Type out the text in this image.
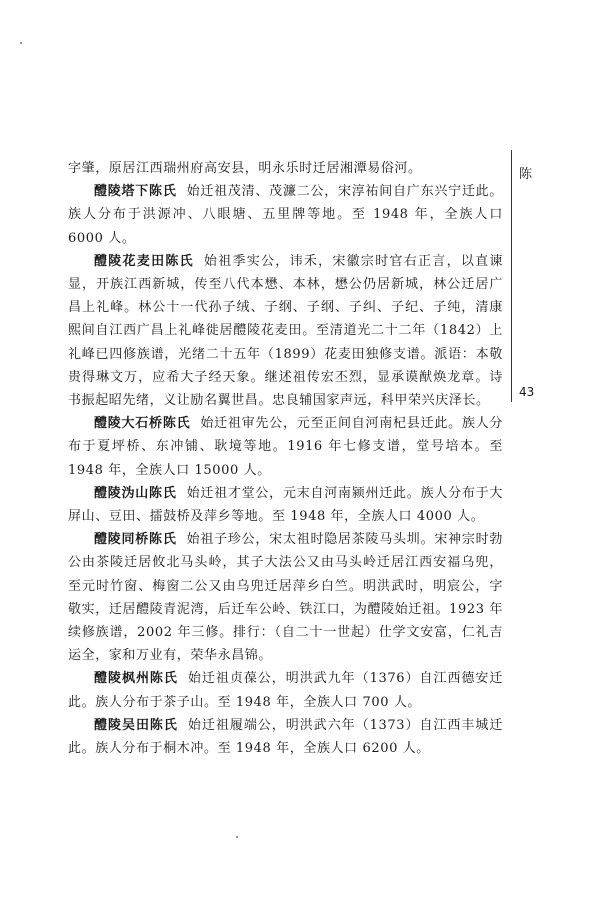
字肇，原居江西瑞州府高安县，明永乐时迁居湘潭易俗河。

醴陵塔下陈氏 始迁祖茂清、茂濂二公，宋淳祐间自广东兴宁迁此。族人分布于洪源冲、八眼塘、五里牌等地。至 1948 年，全族人口 6000 人。

醴陵花麦田陈氏 始祖季实公，讳禾，宋徽宗时官右正言，以直谏显，开族江西新城，传至八代本懋、本林，懋公仍居新城，林公迁居广昌上礼峰。林公十一代孙子绒、子纲、子纲、子纠、子纪、子纯，清康熙间自江西广昌上礼峰徙居醴陵花麦田。至清道光二十二年（1842）上礼峰已四修族谱，光绪二十五年（1899）花麦田独修支谱。派语：本敬贵得琳文万，应希大子经天象。继述祖传宏丕烈，显承谟猷焕龙章。诗书振起昭先绪，义让励名翼世昌。忠良辅国家声远，科甲荣兴庆泽长。

醴陵大石桥陈氏 始迁祖审先公，元至正间自河南杞县迁此。族人分布于夏坪桥、东冲铺、耿境等地。1916 年七修支谱，堂号培本。至 1948 年，全族人口 15000 人。

醴陵沩山陈氏 始迁祖才堂公，元末自河南颍州迁此。族人分布于大屏山、豆田、擂鼓桥及萍乡等地。至 1948 年，全族人口 4000 人。

醴陵同桥陈氏 始祖子珍公，宋太祖时隐居茶陵马头圳。宋神宗时勃公由茶陵迁居攸北马头岭，其子大法公又由马头岭迁居江西安福乌兜，至元时竹窗、梅窗二公又由乌兜迁居萍乡白竺。明洪武时，明宸公，字敬实，迁居醴陵青泥湾，后迁车公岭、铁江口，为醴陵始迁祖。1923 年续修族谱，2002 年三修。排行：（自二十一世起）仕学文安富，仁礼吉运全，家和万业有，荣华永昌锦。

醴陵枫州陈氏 始迁祖贞葆公，明洪武九年（1376）自江西德安迁此。族人分布于茶子山。至 1948 年，全族人口 700 人。

醴陵吴田陈氏 始迁祖履端公，明洪武六年（1373）自江西丰城迁此。族人分布于桐木冲。至 1948 年，全族人口 6200 人。

陈
43
